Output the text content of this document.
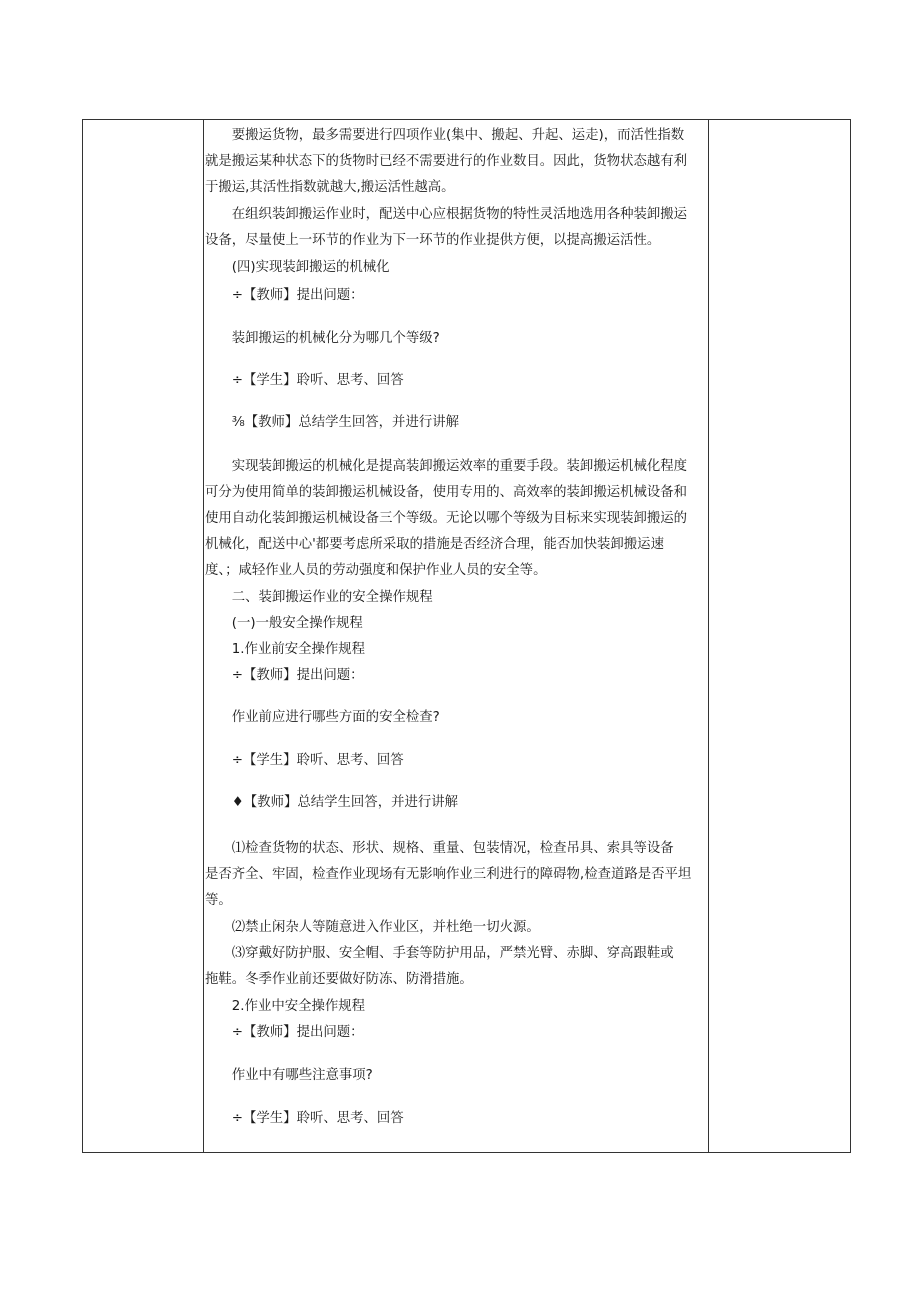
　　要搬运货物，最多需要进行四项作业(集中、搬起、升起、运走)，而活性指数
就是搬运某种状态下的货物时已经不需要进行的作业数目。因此，货物状态越有利
于搬运,其活性指数就越大,搬运活性越高。
　　在组织装卸搬运作业时，配送中心应根据货物的特性灵活地选用各种装卸搬运
设备，尽量使上一环节的作业为下一环节的作业提供方便，以提高搬运活性。
　　(四)实现装卸搬运的机械化
　　÷【教师】提出问题：
　　装卸搬运的机械化分为哪几个等级?
　　÷【学生】聆听、思考、回答
　　⅜【教师】总结学生回答，并进行讲解
　　实现装卸搬运的机械化是提高装卸搬运效率的重要手段。装卸搬运机械化程度
可分为使用简单的装卸搬运机械设备，使用专用的、高效率的装卸搬运机械设备和
使用自动化装卸搬运机械设备三个等级。无论以哪个等级为目标来实现装卸搬运的
机械化，配送中心'都要考虑所采取的措施是否经济合理，能否加快装卸搬运速
度、；咸轻作业人员的劳动强度和保护作业人员的安全等。
　　二、装卸搬运作业的安全操作规程
　　(一)一般安全操作规程
　　1.作业前安全操作规程
　　÷【教师】提出问题：
　　作业前应进行哪些方面的安全检查?
　　÷【学生】聆听、思考、回答
　　♦【教师】总结学生回答，并进行讲解
　　⑴检查货物的状态、形状、规格、重量、包装情况，检查吊具、索具等设备
是否齐全、牢固，检查作业现场有无影响作业三利进行的障碍物,检查道路是否平坦
等。
　　⑵禁止闲杂人等随意进入作业区，并杜绝一切火源。
　　⑶穿戴好防护服、安全帽、手套等防护用品，严禁光臂、赤脚、穿高跟鞋或
拖鞋。冬季作业前还要做好防冻、防滑措施。
　　2.作业中安全操作规程
　　÷【教师】提出问题：
　　作业中有哪些注意事项?
　　÷【学生】聆听、思考、回答
